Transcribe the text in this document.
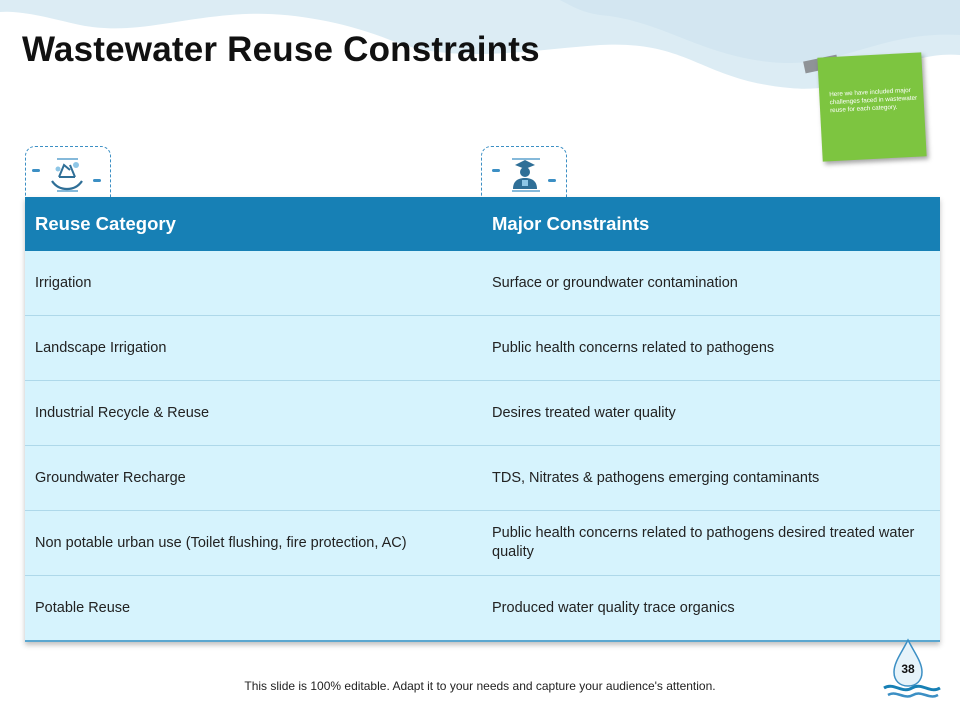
Wastewater Reuse Constraints
Here we have included major challenges faced in wastewater reuse for each category.
Reuse Category	Major Constraints
Irrigation	Surface or groundwater contamination
Landscape Irrigation	Public health concerns related to pathogens
Industrial Recycle & Reuse	Desires treated water quality
Groundwater Recharge	TDS, Nitrates & pathogens emerging contaminants
Non potable urban use (Toilet flushing, fire protection, AC)	Public health concerns related to pathogens desired treated water quality
Potable Reuse	Produced water quality trace organics
This slide is 100% editable. Adapt it to your needs and capture your audience's attention.
38
